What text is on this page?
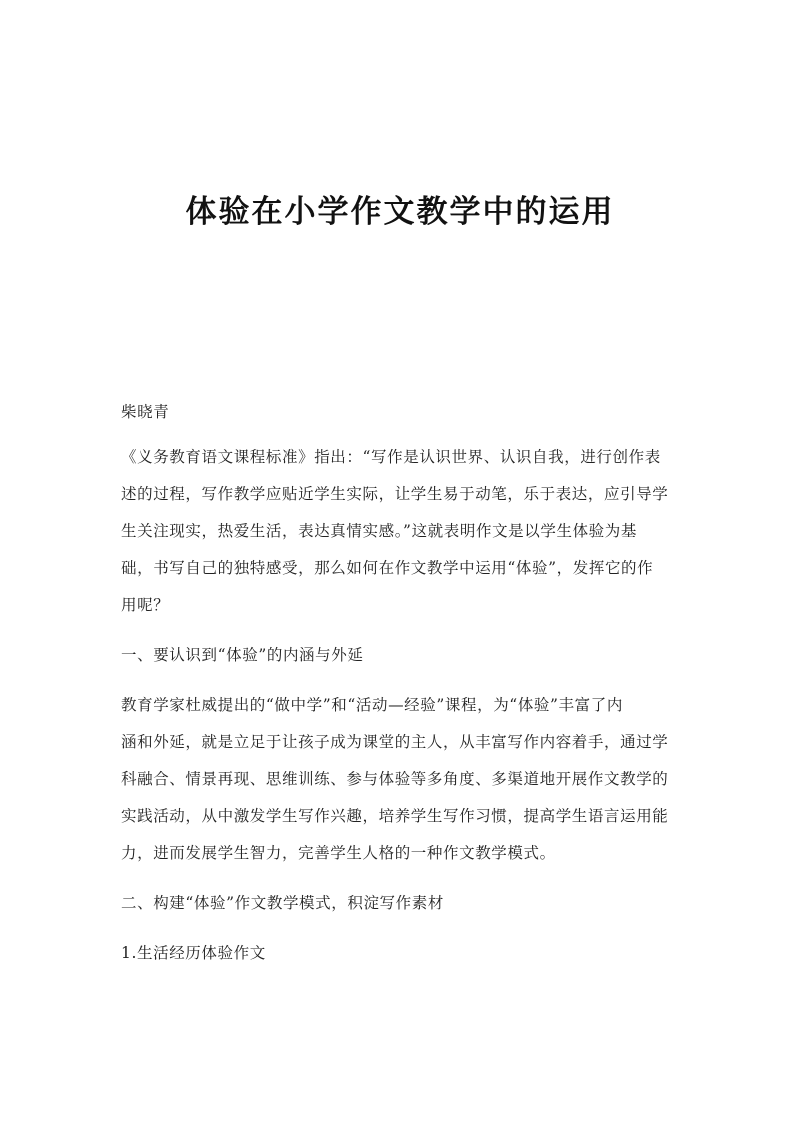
体验在小学作文教学中的运用
柴晓青
《义务教育语文课程标准》指出：“写作是认识世界、认识自我，进行创作表
述的过程，写作教学应贴近学生实际，让学生易于动笔，乐于表达，应引导学
生关注现实，热爱生活，表达真情实感。”这就表明作文是以学生体验为基
础，书写自己的独特感受，那么如何在作文教学中运用“体验”，发挥它的作
用呢？
一、要认识到“体验”的内涵与外延
教育学家杜威提出的“做中学”和“活动—经验”课程，为“体验”丰富了内
涵和外延，就是立足于让孩子成为课堂的主人，从丰富写作内容着手，通过学
科融合、情景再现、思维训练、参与体验等多角度、多渠道地开展作文教学的
实践活动，从中激发学生写作兴趣，培养学生写作习惯，提高学生语言运用能
力，进而发展学生智力，完善学生人格的一种作文教学模式。
二、构建“体验”作文教学模式，积淀写作素材
1.生活经历体验作文
